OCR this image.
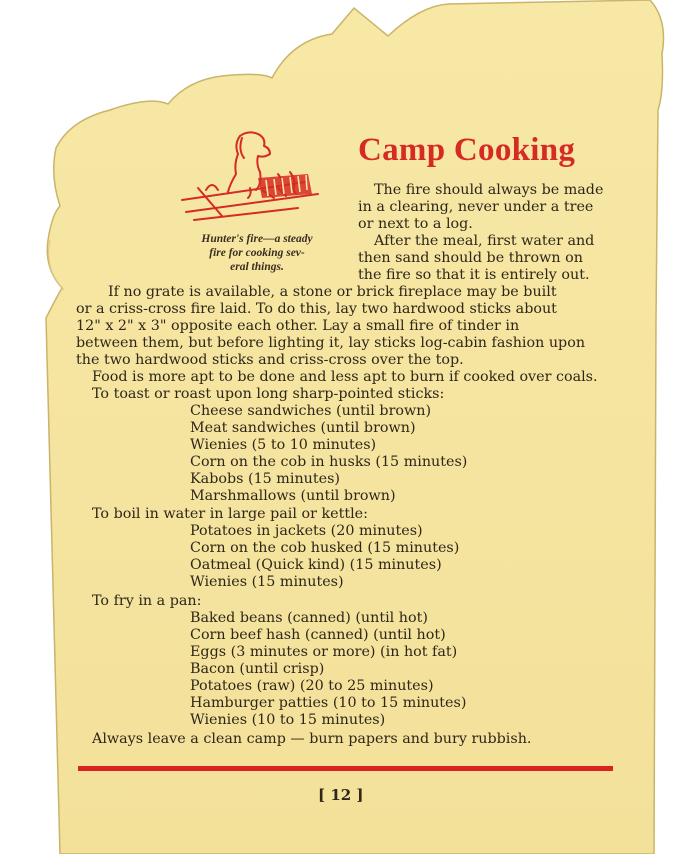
Camp Cooking
Hunter's fire—a steady
fire for cooking sev-
eral things.
The fire should always be made
in a clearing, never under a tree
or next to a log.
After the meal, first water and
then sand should be thrown on
the fire so that it is entirely out.
If no grate is available, a stone or brick fireplace may be built
or a criss-cross fire laid. To do this, lay two hardwood sticks about
12" x 2" x 3" opposite each other. Lay a small fire of tinder in
between them, but before lighting it, lay sticks log-cabin fashion upon
the two hardwood sticks and criss-cross over the top.
Food is more apt to be done and less apt to burn if cooked over coals.
To toast or roast upon long sharp-pointed sticks:
Cheese sandwiches (until brown)
Meat sandwiches (until brown)
Wienies (5 to 10 minutes)
Corn on the cob in husks (15 minutes)
Kabobs (15 minutes)
Marshmallows (until brown)
To boil in water in large pail or kettle:
Potatoes in jackets (20 minutes)
Corn on the cob husked (15 minutes)
Oatmeal (Quick kind) (15 minutes)
Wienies (15 minutes)
To fry in a pan:
Baked beans (canned) (until hot)
Corn beef hash (canned) (until hot)
Eggs (3 minutes or more) (in hot fat)
Bacon (until crisp)
Potatoes (raw) (20 to 25 minutes)
Hamburger patties (10 to 15 minutes)
Wienies (10 to 15 minutes)
Always leave a clean camp — burn papers and bury rubbish.
[ 12 ]
